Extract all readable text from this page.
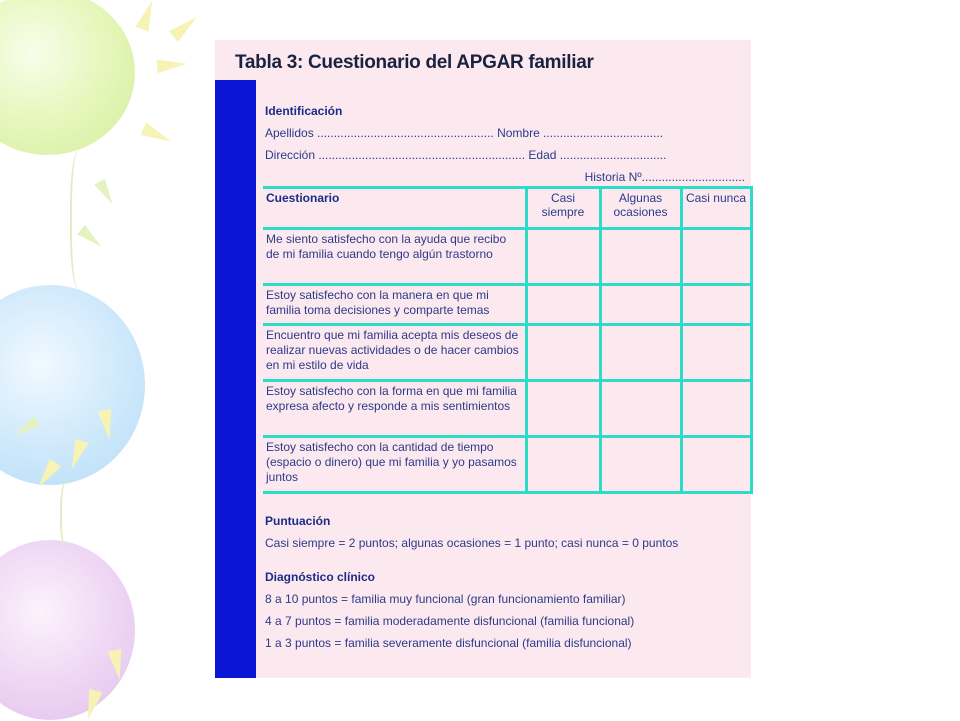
Tabla 3: Cuestionario del APGAR familiar
Identificación
Apellidos ..................................................... Nombre ....................................
Dirección .............................................................. Edad ................................
Historia Nº...............................
Cuestionario	Casi siempre	Algunas ocasiones	Casi nunca
Me siento satisfecho con la ayuda que recibo de mi familia cuando tengo algún trastorno			
Estoy satisfecho con la manera en que mi familia toma decisiones y comparte temas			
Encuentro que mi familia acepta mis deseos de realizar nuevas actividades o de hacer cambios en mi estilo de vida			
Estoy satisfecho con la forma en que mi familia expresa afecto y responde a mis sentimientos			
Estoy satisfecho con la cantidad de tiempo (espacio o dinero) que mi familia y yo pasamos juntos			
Puntuación
Casi siempre = 2 puntos; algunas ocasiones = 1 punto; casi nunca = 0 puntos
Diagnóstico clínico
8 a 10 puntos = familia muy funcional (gran funcionamiento familiar)
4 a 7 puntos = familia moderadamente disfuncional (familia funcional)
1 a 3 puntos = familia severamente disfuncional (familia disfuncional)
